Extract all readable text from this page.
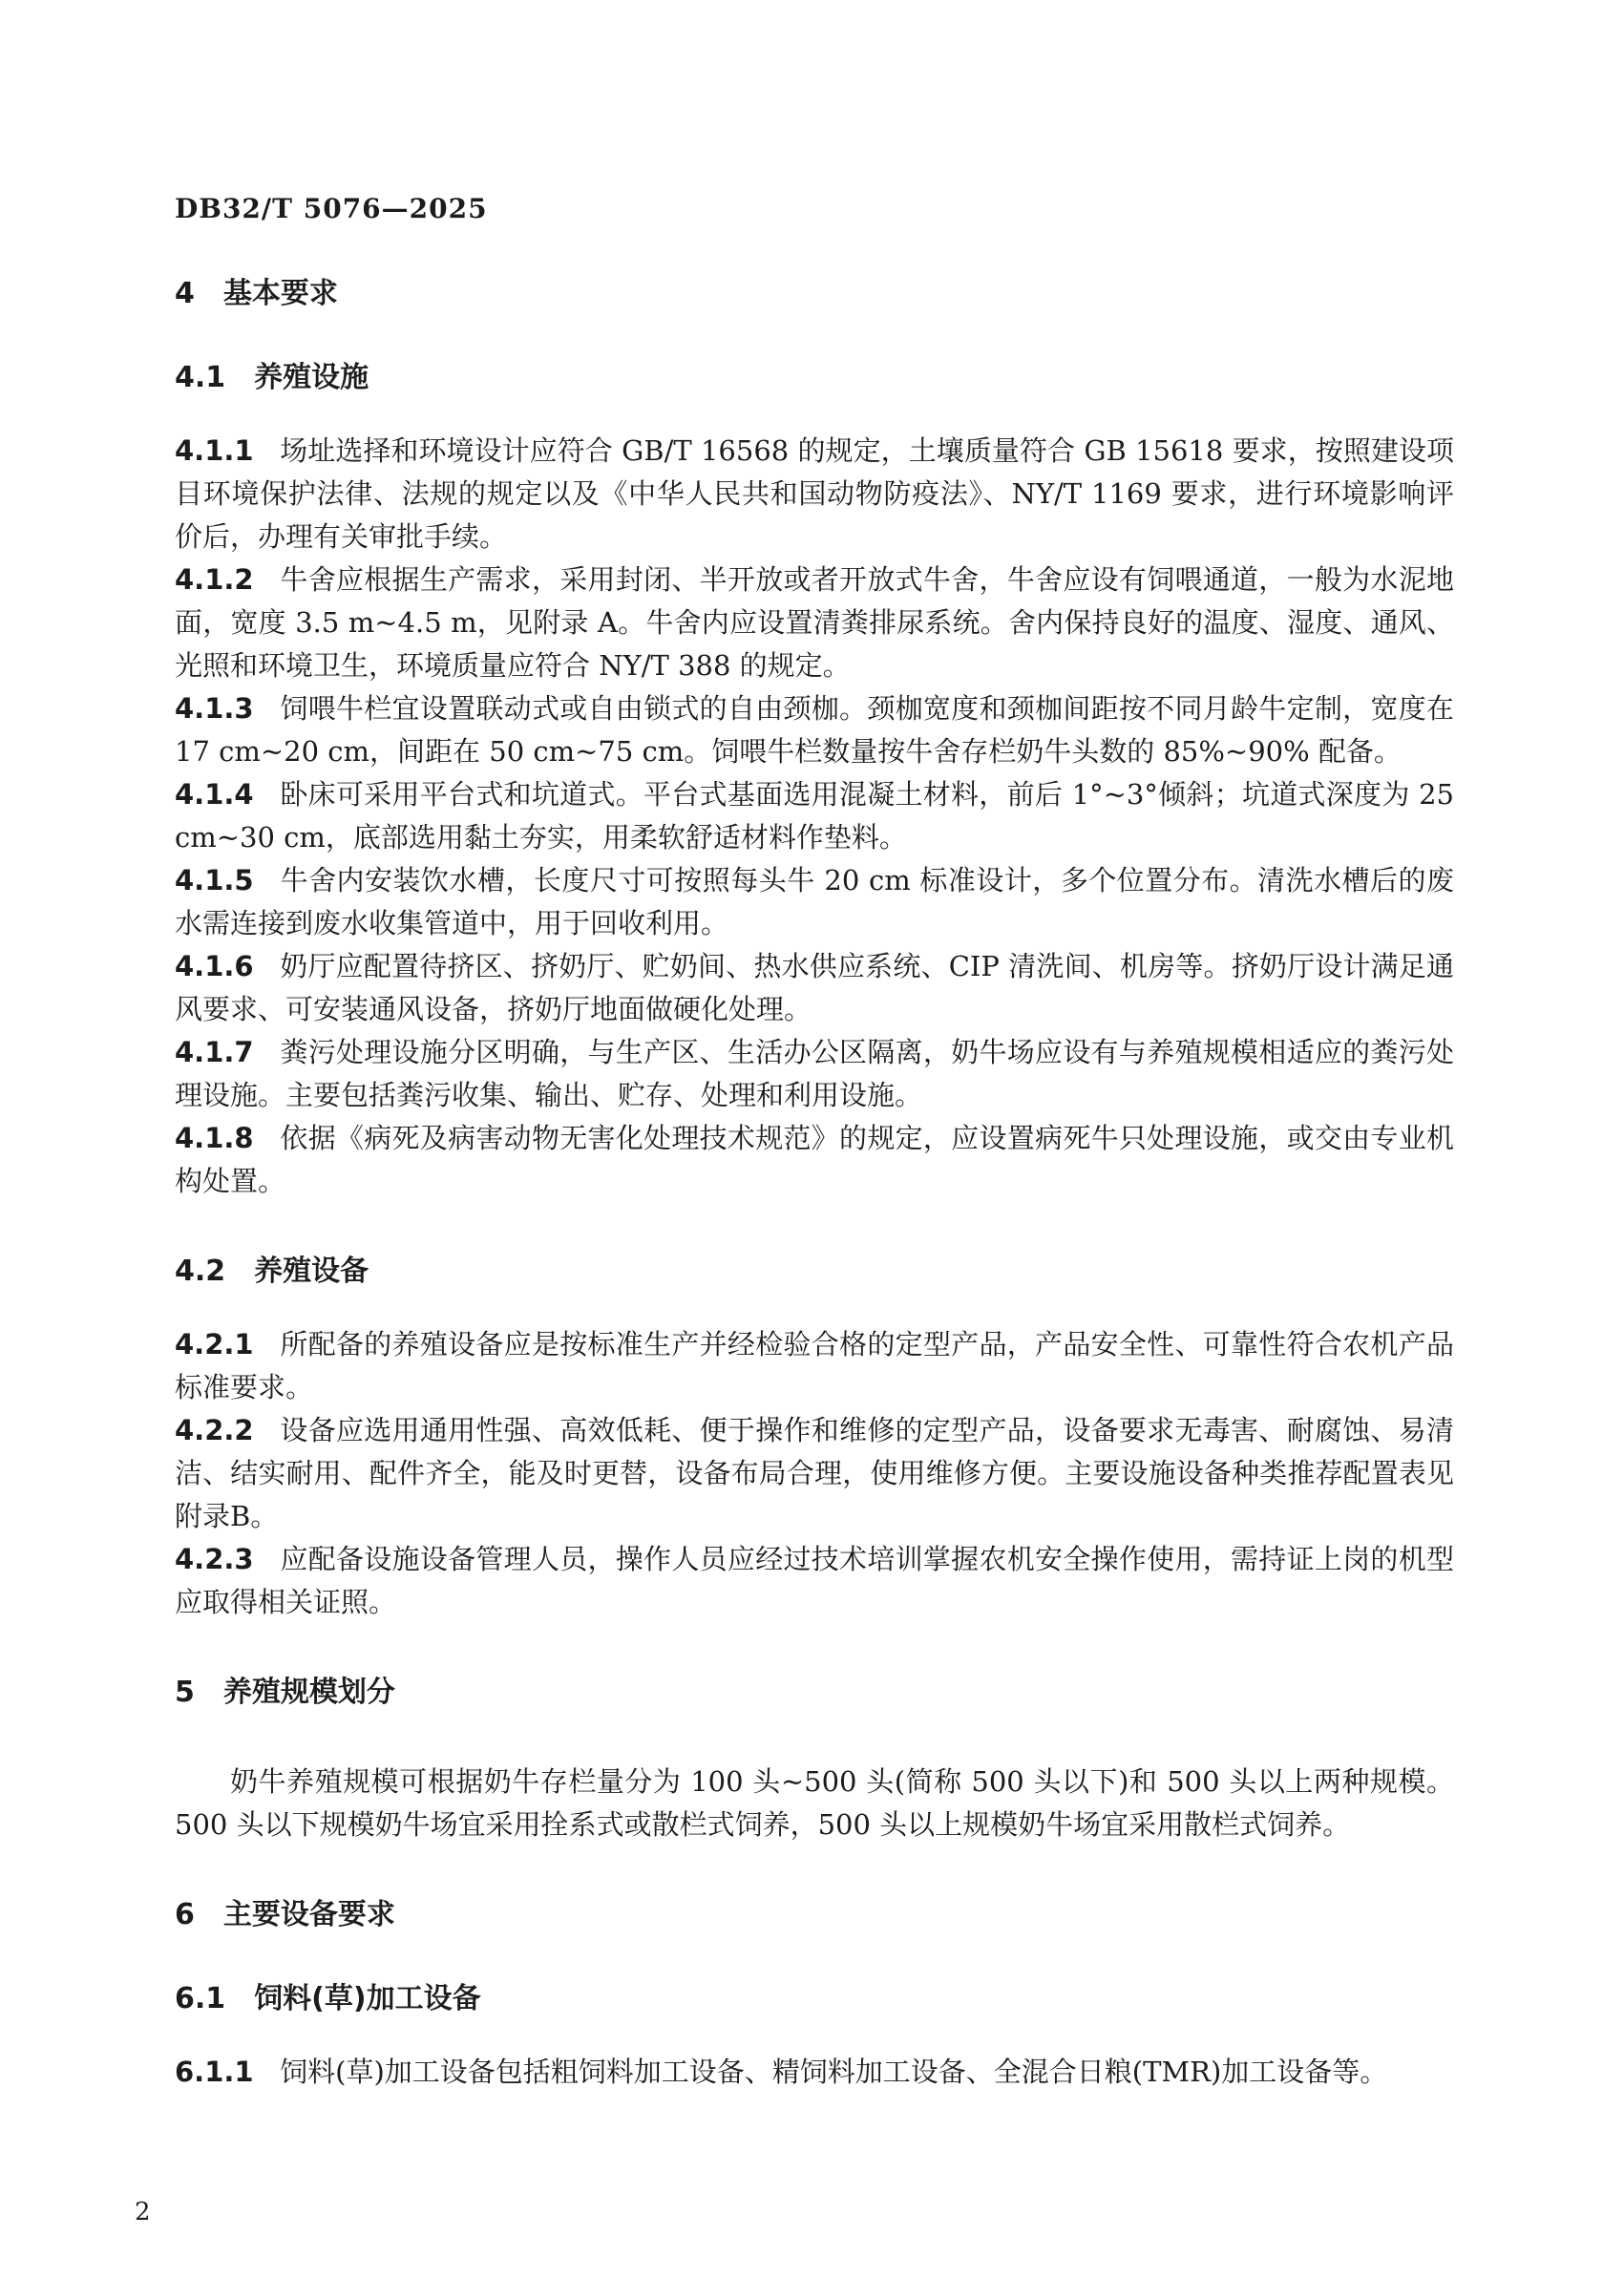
DB32/T 5076—2025
4 基本要求
4.1 养殖设施

4.1.1 场址选择和环境设计应符合 GB/T 16568 的规定，土壤质量符合 GB 15618 要求，按照建设项目环境保护法律、法规的规定以及《中华人民共和国动物防疫法》、NY/T 1169 要求，进行环境影响评价后，办理有关审批手续。

4.1.2 牛舍应根据生产需求，采用封闭、半开放或者开放式牛舍，牛舍应设有饲喂通道，一般为水泥地面，宽度 3.5 m~4.5 m，见附录 A。牛舍内应设置清粪排尿系统。舍内保持良好的温度、湿度、通风、光照和环境卫生，环境质量应符合 NY/T 388 的规定。

4.1.3 饲喂牛栏宜设置联动式或自由锁式的自由颈枷。颈枷宽度和颈枷间距按不同月龄牛定制，宽度在 17 cm~20 cm，间距在 50 cm~75 cm。饲喂牛栏数量按牛舍存栏奶牛头数的 85%~90% 配备。

4.1.4 卧床可采用平台式和坑道式。平台式基面选用混凝土材料，前后 1°~3°倾斜；坑道式深度为 25 cm~30 cm，底部选用黏土夯实，用柔软舒适材料作垫料。

4.1.5 牛舍内安装饮水槽，长度尺寸可按照每头牛 20 cm 标准设计，多个位置分布。清洗水槽后的废水需连接到废水收集管道中，用于回收利用。

4.1.6 奶厅应配置待挤区、挤奶厅、贮奶间、热水供应系统、CIP 清洗间、机房等。挤奶厅设计满足通风要求、可安装通风设备，挤奶厅地面做硬化处理。

4.1.7 粪污处理设施分区明确，与生产区、生活办公区隔离，奶牛场应设有与养殖规模相适应的粪污处理设施。主要包括粪污收集、输出、贮存、处理和利用设施。

4.1.8 依据《病死及病害动物无害化处理技术规范》的规定，应设置病死牛只处理设施，或交由专业机构处置。

4.2 养殖设备

4.2.1 所配备的养殖设备应是按标准生产并经检验合格的定型产品，产品安全性、可靠性符合农机产品标准要求。

4.2.2 设备应选用通用性强、高效低耗、便于操作和维修的定型产品，设备要求无毒害、耐腐蚀、易清洁、结实耐用、配件齐全，能及时更替，设备布局合理，使用维修方便。主要设施设备种类推荐配置表见附录B。

4.2.3 应配备设施设备管理人员，操作人员应经过技术培训掌握农机安全操作使用，需持证上岗的机型应取得相关证照。

5 养殖规模划分

奶牛养殖规模可根据奶牛存栏量分为 100 头~500 头(简称 500 头以下)和 500 头以上两种规模。500 头以下规模奶牛场宜采用拴系式或散栏式饲养，500 头以上规模奶牛场宜采用散栏式饲养。

6 主要设备要求
6.1 饲料(草)加工设备

6.1.1 饲料(草)加工设备包括粗饲料加工设备、精饲料加工设备、全混合日粮(TMR)加工设备等。

2
